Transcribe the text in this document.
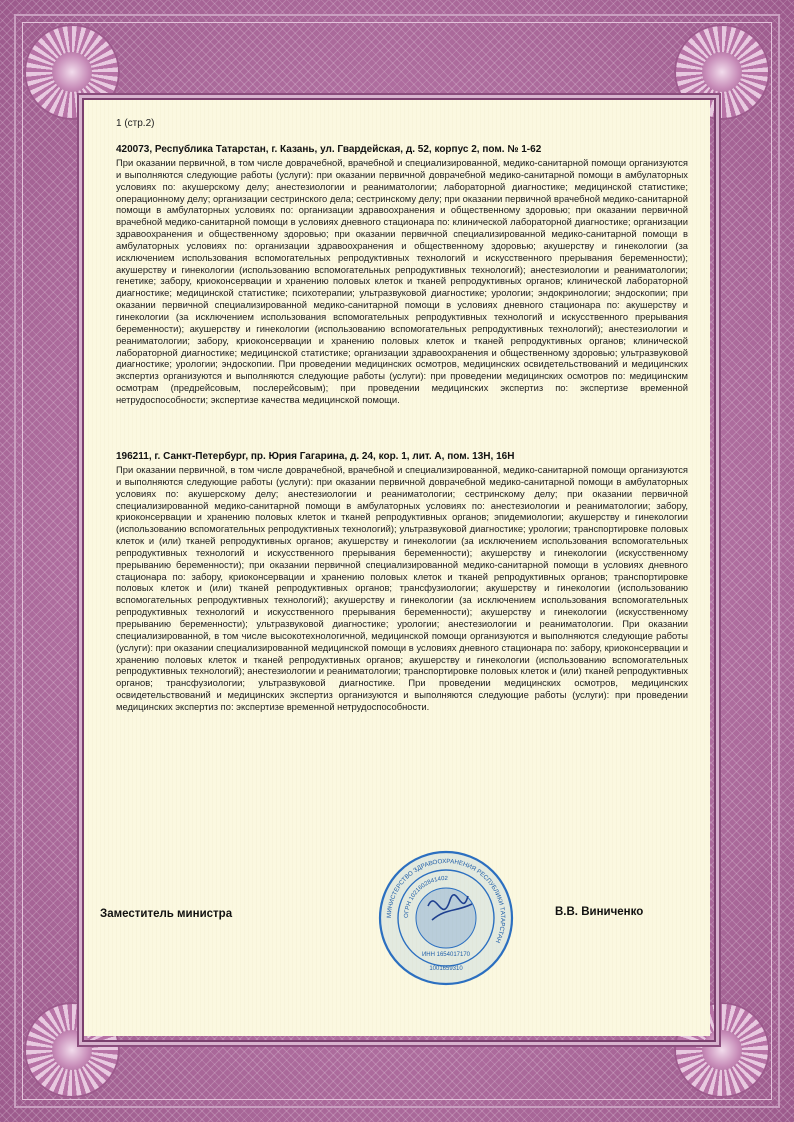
1 (стр.2)
420073, Республика Татарстан, г. Казань, ул. Гвардейская, д. 52, корпус 2, пом. № 1-62
При оказании первичной, в том числе доврачебной, врачебной и специализированной, медико-санитарной помощи организуются и выполняются следующие работы (услуги): при оказании первичной доврачебной медико-санитарной помощи в амбулаторных условиях по: акушерскому делу; анестезиологии и реаниматологии; лабораторной диагностике; медицинской статистике; операционному делу; организации сестринского дела; сестринскому делу; при оказании первичной врачебной медико-санитарной помощи в амбулаторных условиях по: организации здравоохранения и общественному здоровью; при оказании первичной врачебной медико-санитарной помощи в условиях дневного стационара по: клинической лабораторной диагностике; организации здравоохранения и общественному здоровью; при оказании первичной специализированной медико-санитарной помощи в амбулаторных условиях по: организации здравоохранения и общественному здоровью; акушерству и гинекологии (за исключением использования вспомогательных репродуктивных технологий и искусственного прерывания беременности); акушерству и гинекологии (использованию вспомогательных репродуктивных технологий); анестезиологии и реаниматологии; генетике; забору, криоконсервации и хранению половых клеток и тканей репродуктивных органов; клинической лабораторной диагностике; медицинской статистике; психотерапии; ультразвуковой диагностике; урологии; эндокринологии; эндоскопии; при оказании первичной специализированной медико-санитарной помощи в условиях дневного стационара по: акушерству и гинекологии (за исключением использования вспомогательных репродуктивных технологий и искусственного прерывания беременности); акушерству и гинекологии (использованию вспомогательных репродуктивных технологий); анестезиологии и реаниматологии; забору, криоконсервации и хранению половых клеток и тканей репродуктивных органов; клинической лабораторной диагностике; медицинской статистике; организации здравоохранения и общественному здоровью; ультразвуковой диагностике; урологии; эндоскопии. При проведении медицинских осмотров, медицинских освидетельствований и медицинских экспертиз организуются и выполняются следующие работы (услуги): при проведении медицинских осмотров по: медицинским осмотрам (предрейсовым, послерейсовым); при проведении медицинских экспертиз по: экспертизе временной нетрудоспособности; экспертизе качества медицинской помощи.
196211, г. Санкт-Петербург, пр. Юрия Гагарина, д. 24, кор. 1, лит. А, пом. 13Н, 16Н
При оказании первичной, в том числе доврачебной, врачебной и специализированной, медико-санитарной помощи организуются и выполняются следующие работы (услуги): при оказании первичной доврачебной медико-санитарной помощи в амбулаторных условиях по: акушерскому делу; анестезиологии и реаниматологии; сестринскому делу; при оказании первичной специализированной медико-санитарной помощи в амбулаторных условиях по: анестезиологии и реаниматологии; забору, криоконсервации и хранению половых клеток и тканей репродуктивных органов; эпидемиологии; акушерству и гинекологии (использованию вспомогательных репродуктивных технологий); ультразвуковой диагностике; урологии; транспортировке половых клеток и (или) тканей репродуктивных органов; акушерству и гинекологии (за исключением использования вспомогательных репродуктивных технологий и искусственного прерывания беременности); акушерству и гинекологии (искусственному прерыванию беременности); при оказании первичной специализированной медико-санитарной помощи в условиях дневного стационара по: забору, криоконсервации и хранению половых клеток и тканей репродуктивных органов; транспортировке половых клеток и (или) тканей репродуктивных органов; трансфузиологии; акушерству и гинекологии (использованию вспомогательных репродуктивных технологий); акушерству и гинекологии (за исключением использования вспомогательных репродуктивных технологий и искусственного прерывания беременности); акушерству и гинекологии (искусственному прерыванию беременности); ультразвуковой диагностике; урологии; анестезиологии и реаниматологии. При оказании специализированной, в том числе высокотехнологичной, медицинской помощи организуются и выполняются следующие работы (услуги): при оказании специализированной медицинской помощи в условиях дневного стационара по: забору, криоконсервации и хранению половых клеток и тканей репродуктивных органов; акушерству и гинекологии (использованию вспомогательных репродуктивных технологий); анестезиологии и реаниматологии; транспортировке половых клеток и (или) тканей репродуктивных органов; трансфузиологии; ультразвуковой диагностике. При проведении медицинских осмотров, медицинских освидетельствований и медицинских экспертиз организуются и выполняются следующие работы (услуги): при проведении медицинских экспертиз по: экспертизе временной нетрудоспособности.
Заместитель министра	В.В. Виниченко
МИНИСТЕРСТВО ЗДРАВООХРАНЕНИЯ РЕСПУБЛИКИ ТАТАРСТАН
ОГРН 1021602841402
ИНН 1654017170
1001659310
